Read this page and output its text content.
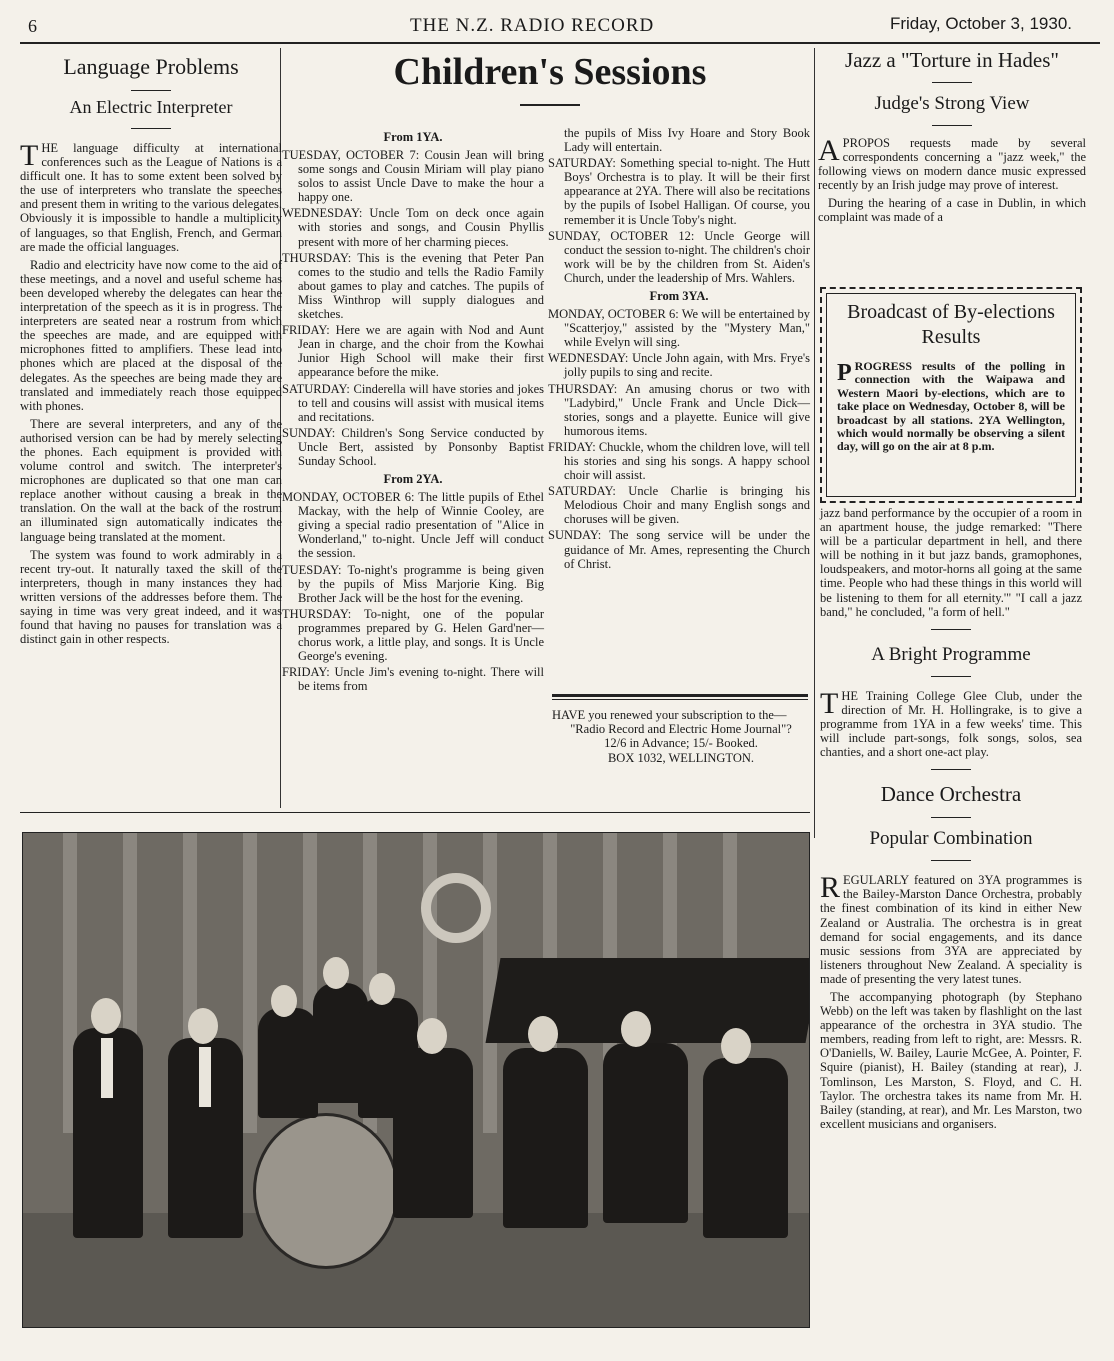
6	THE N.Z. RADIO RECORD	Friday, October 3, 1930.
Language Problems
An Electric Interpreter

THE language difficulty at international conferences such as the League of Nations is a difficult one. It has to some extent been solved by the use of interpreters who translate the speeches and present them in writing to the various delegates. Obviously it is impossible to handle a multiplicity of languages, so that English, French, and German are made the official languages.

Radio and electricity have now come to the aid of these meetings, and a novel and useful scheme has been developed whereby the delegates can hear the interpretation of the speech as it is in progress. The interpreters are seated near a rostrum from which the speeches are made, and are equipped with microphones fitted to amplifiers. These lead into phones which are placed at the disposal of the delegates. As the speeches are being made they are translated and immediately reach those equipped with phones.

There are several interpreters, and any of the authorised version can be had by merely selecting the phones. Each equipment is provided with volume control and switch. The interpreter's microphones are duplicated so that one man can replace another without causing a break in the translation. On the wall at the back of the rostrum an illuminated sign automatically indicates the language being translated at the moment.

The system was found to work admirably in a recent try-out. It naturally taxed the skill of the interpreters, though in many instances they had written versions of the addresses before them. The saying in time was very great indeed, and it was found that having no pauses for translation was a distinct gain in other respects.

Children's Sessions
From 1YA.

TUESDAY, OCTOBER 7: Cousin Jean will bring some songs and Cousin Miriam will play piano solos to assist Uncle Dave to make the hour a happy one.

WEDNESDAY: Uncle Tom on deck once again with stories and songs, and Cousin Phyllis present with more of her charming pieces.

THURSDAY: This is the evening that Peter Pan comes to the studio and tells the Radio Family about games to play and catches. The pupils of Miss Winthrop will supply dialogues and sketches.

FRIDAY: Here we are again with Nod and Aunt Jean in charge, and the choir from the Kowhai Junior High School will make their first appearance before the mike.

SATURDAY: Cinderella will have stories and jokes to tell and cousins will assist with musical items and recitations.

SUNDAY: Children's Song Service conducted by Uncle Bert, assisted by Ponsonby Baptist Sunday School.

From 2YA.

MONDAY, OCTOBER 6: The little pupils of Ethel Mackay, with the help of Winnie Cooley, are giving a special radio presentation of "Alice in Wonderland," to-night. Uncle Jeff will conduct the session.

TUESDAY: To-night's programme is being given by the pupils of Miss Marjorie King. Big Brother Jack will be the host for the evening.

THURSDAY: To-night, one of the popular programmes prepared by G. Helen Gard'ner—chorus work, a little play, and songs. It is Uncle George's evening.

FRIDAY: Uncle Jim's evening to-night. There will be items from

the pupils of Miss Ivy Hoare and Story Book Lady will entertain.

SATURDAY: Something special to-night. The Hutt Boys' Orchestra is to play. It will be their first appearance at 2YA. There will also be recitations by the pupils of Isobel Halligan. Of course, you remember it is Uncle Toby's night.

SUNDAY, OCTOBER 12: Uncle George will conduct the session to-night. The children's choir work will be by the children from St. Aiden's Church, under the leadership of Mrs. Wahlers.

From 3YA.

MONDAY, OCTOBER 6: We will be entertained by "Scatterjoy," assisted by the "Mystery Man," while Evelyn will sing.

WEDNESDAY: Uncle John again, with Mrs. Frye's jolly pupils to sing and recite.

THURSDAY: An amusing chorus or two with "Ladybird," Uncle Frank and Uncle Dick—stories, songs and a playette. Eunice will give humorous items.

FRIDAY: Chuckle, whom the children love, will tell his stories and sing his songs. A happy school choir will assist.

SATURDAY: Uncle Charlie is bringing his Melodious Choir and many English songs and choruses will be given.

SUNDAY: The song service will be under the guidance of Mr. Ames, representing the Church of Christ.

HAVE you renewed your subscription to the—

"Radio Record and Electric Home Journal"?

12/6 in Advance; 15/- Booked.

BOX 1032, WELLINGTON.

Jazz a "Torture in Hades"
Judge's Strong View

APROPOS requests made by several correspondents concerning a "jazz week," the following views on modern dance music expressed recently by an Irish judge may prove of interest.

During the hearing of a case in Dublin, in which complaint was made of a

Broadcast of By-elections Results

PROGRESS results of the polling in connection with the Waipawa and Western Maori by-elections, which are to take place on Wednesday, October 8, will be broadcast by all stations. 2YA Wellington, which would normally be observing a silent day, will go on the air at 8 p.m.

jazz band performance by the occupier of a room in an apartment house, the judge remarked: "There will be a particular department in hell, and there will be nothing in it but jazz bands, gramophones, loudspeakers, and motor-horns all going at the same time. People who had these things in this world will be listening to them for all eternity.'" "I call a jazz band," he concluded, "a form of hell."

A Bright Programme

THE Training College Glee Club, under the direction of Mr. H. Hollingrake, is to give a programme from 1YA in a few weeks' time. This will include part-songs, folk songs, solos, sea chanties, and a short one-act play.

Dance Orchestra
Popular Combination

REGULARLY featured on 3YA programmes is the Bailey-Marston Dance Orchestra, probably the finest combination of its kind in either New Zealand or Australia. The orchestra is in great demand for social engagements, and its dance music sessions from 3YA are appreciated by listeners throughout New Zealand. A speciality is made of presenting the very latest tunes.

The accompanying photograph (by Stephano Webb) on the left was taken by flashlight on the last appearance of the orchestra in 3YA studio. The members, reading from left to right, are: Messrs. R. O'Daniells, W. Bailey, Laurie McGee, A. Pointer, F. Squire (pianist), H. Bailey (standing at rear), J. Tomlinson, Les Marston, S. Floyd, and C. H. Taylor. The orchestra takes its name from Mr. H. Bailey (standing, at rear), and Mr. Les Marston, two excellent musicians and organisers.
